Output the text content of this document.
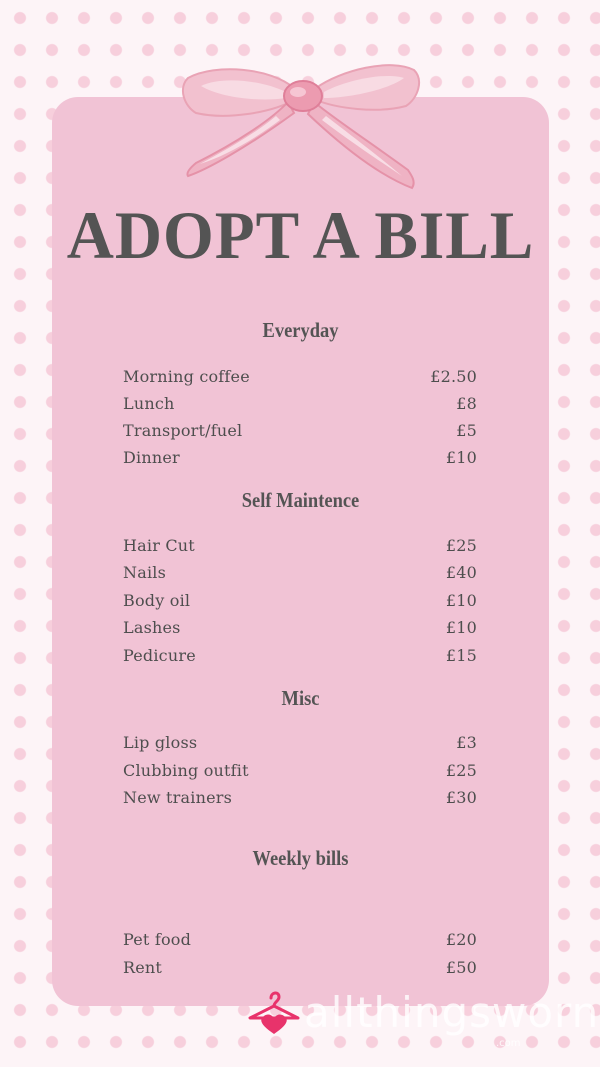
ADOPT A BILL
Everyday
Morning coffee	£2.50
Lunch	£8
Transport/fuel	£5
Dinner	£10
Self Maintence
Hair Cut	£25
Nails	£40
Body oil	£10
Lashes	£10
Pedicure	£15
Misc
Lip gloss	£3
Clubbing outfit	£25
New trainers	£30
Weekly bills
Pet food	£20
Rent	£50
allthingsworn
.com
